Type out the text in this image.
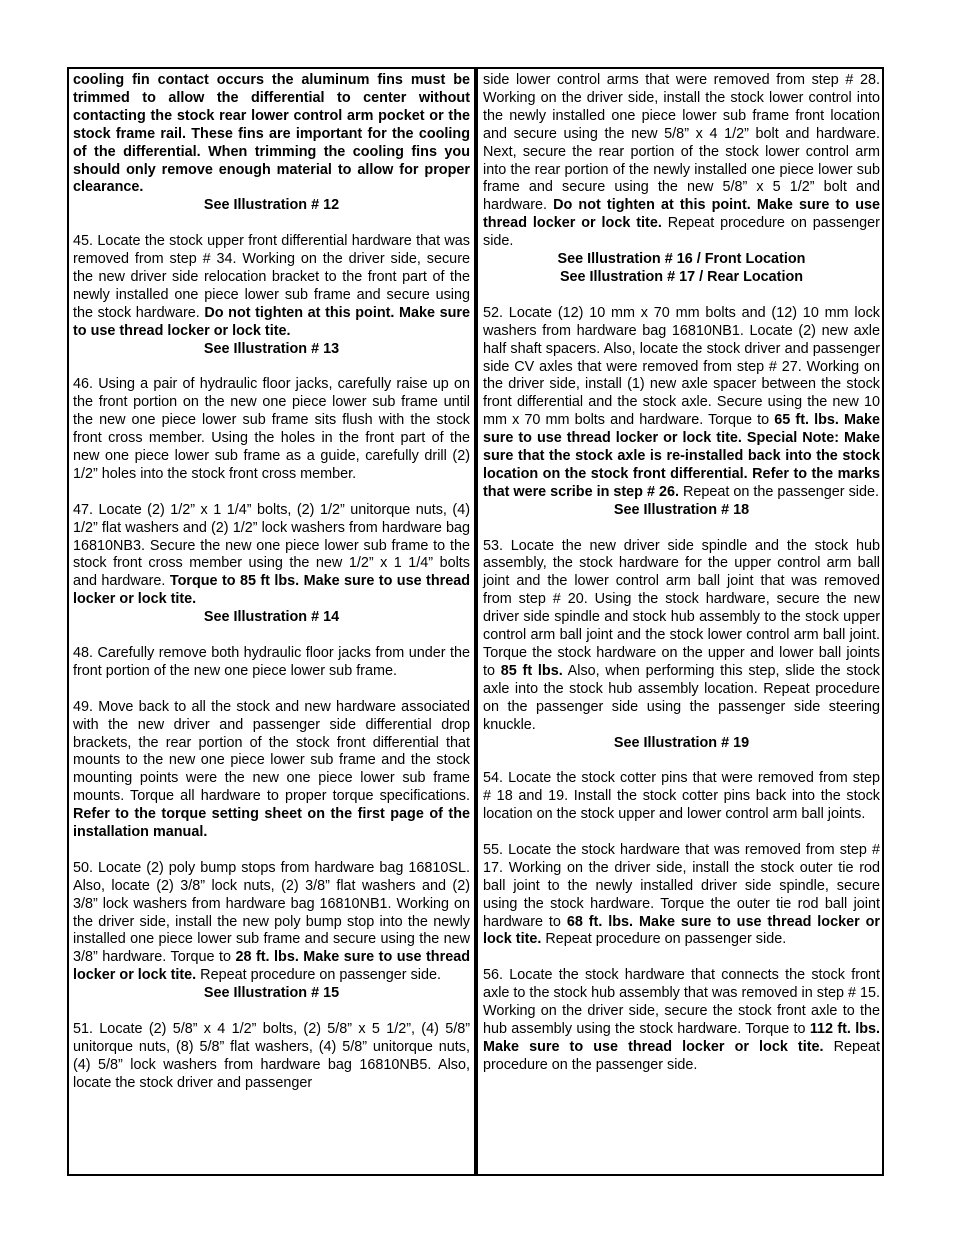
cooling fin contact occurs the aluminum fins must be trimmed to allow the differential to center without contacting the stock rear lower control arm pocket or the stock frame rail. These fins are important for the cooling of the differential. When trimming the cooling fins you should only remove enough material to allow for proper clearance.

See Illustration # 12

45. Locate the stock upper front differential hardware that was removed from step # 34. Working on the driver side, secure the new driver side relocation bracket to the front part of the newly installed one piece lower sub frame and secure using the stock hardware. Do not tighten at this point. Make sure to use thread locker or lock tite.

See Illustration # 13

46. Using a pair of hydraulic floor jacks, carefully raise up on the front portion on the new one piece lower sub frame until the new one piece lower sub frame sits flush with the stock front cross member. Using the holes in the front part of the new one piece lower sub frame as a guide, carefully drill (2) 1/2” holes into the stock front cross member.

47. Locate (2) 1/2” x 1 1/4” bolts, (2) 1/2” unitorque nuts, (4) 1/2” flat washers and (2) 1/2” lock washers from hardware bag 16810NB3. Secure the new one piece lower sub frame to the stock front cross member using the new 1/2” x 1 1/4” bolts and hardware. Torque to 85 ft lbs. Make sure to use thread locker or lock tite.

See Illustration # 14

48. Carefully remove both hydraulic floor jacks from under the front portion of the new one piece lower sub frame.

49. Move back to all the stock and new hardware associated with the new driver and passenger side differential drop brackets, the rear portion of the stock front differential that mounts to the new one piece lower sub frame and the stock mounting points were the new one piece lower sub frame mounts. Torque all hardware to proper torque specifications. Refer to the torque setting sheet on the first page of the installation manual.

50. Locate (2) poly bump stops from hardware bag 16810SL. Also, locate (2) 3/8” lock nuts, (2) 3/8” flat washers and (2) 3/8” lock washers from hardware bag 16810NB1. Working on the driver side, install the new poly bump stop into the newly installed one piece lower sub frame and secure using the new 3/8” hardware. Torque to 28 ft. lbs. Make sure to use thread locker or lock tite. Repeat procedure on passenger side.

See Illustration # 15

51. Locate (2) 5/8” x 4 1/2” bolts, (2) 5/8” x 5 1/2”, (4) 5/8” unitorque nuts, (8) 5/8” flat washers, (4) 5/8” unitorque nuts, (4) 5/8” lock washers from hardware bag 16810NB5. Also, locate the stock driver and passenger

side lower control arms that were removed from step # 28. Working on the driver side, install the stock lower control into the newly installed one piece lower sub frame front location and secure using the new 5/8” x 4 1/2” bolt and hardware. Next, secure the rear portion of the stock lower control arm into the rear portion of the newly installed one piece lower sub frame and secure using the new 5/8” x 5 1/2” bolt and hardware. Do not tighten at this point. Make sure to use thread locker or lock tite. Repeat procedure on passenger side.

See Illustration # 16 / Front Location

See Illustration # 17 / Rear Location

52. Locate (12) 10 mm x 70 mm bolts and (12) 10 mm lock washers from hardware bag 16810NB1. Locate (2) new axle half shaft spacers. Also, locate the stock driver and passenger side CV axles that were removed from step # 27. Working on the driver side, install (1) new axle spacer between the stock front differential and the stock axle. Secure using the new 10 mm x 70 mm bolts and hardware. Torque to 65 ft. lbs. Make sure to use thread locker or lock tite. Special Note: Make sure that the stock axle is re-installed back into the stock location on the stock front differential. Refer to the marks that were scribe in step # 26. Repeat on the passenger side.

See Illustration # 18

53. Locate the new driver side spindle and the stock hub assembly, the stock hardware for the upper control arm ball joint and the lower control arm ball joint that was removed from step # 20. Using the stock hardware, secure the new driver side spindle and stock hub assembly to the stock upper control arm ball joint and the stock lower control arm ball joint. Torque the stock hardware on the upper and lower ball joints to 85 ft lbs. Also, when performing this step, slide the stock axle into the stock hub assembly location. Repeat procedure on the passenger side using the passenger side steering knuckle.

See Illustration # 19

54. Locate the stock cotter pins that were removed from step # 18 and 19. Install the stock cotter pins back into the stock location on the stock upper and lower control arm ball joints.

55. Locate the stock hardware that was removed from step # 17. Working on the driver side, install the stock outer tie rod ball joint to the newly installed driver side spindle, secure using the stock hardware. Torque the outer tie rod ball joint hardware to 68 ft. lbs. Make sure to use thread locker or lock tite. Repeat procedure on passenger side.

56. Locate the stock hardware that connects the stock front axle to the stock hub assembly that was removed in step # 15. Working on the driver side, secure the stock front axle to the hub assembly using the stock hardware. Torque to 112 ft. lbs. Make sure to use thread locker or lock tite. Repeat procedure on the passenger side.
